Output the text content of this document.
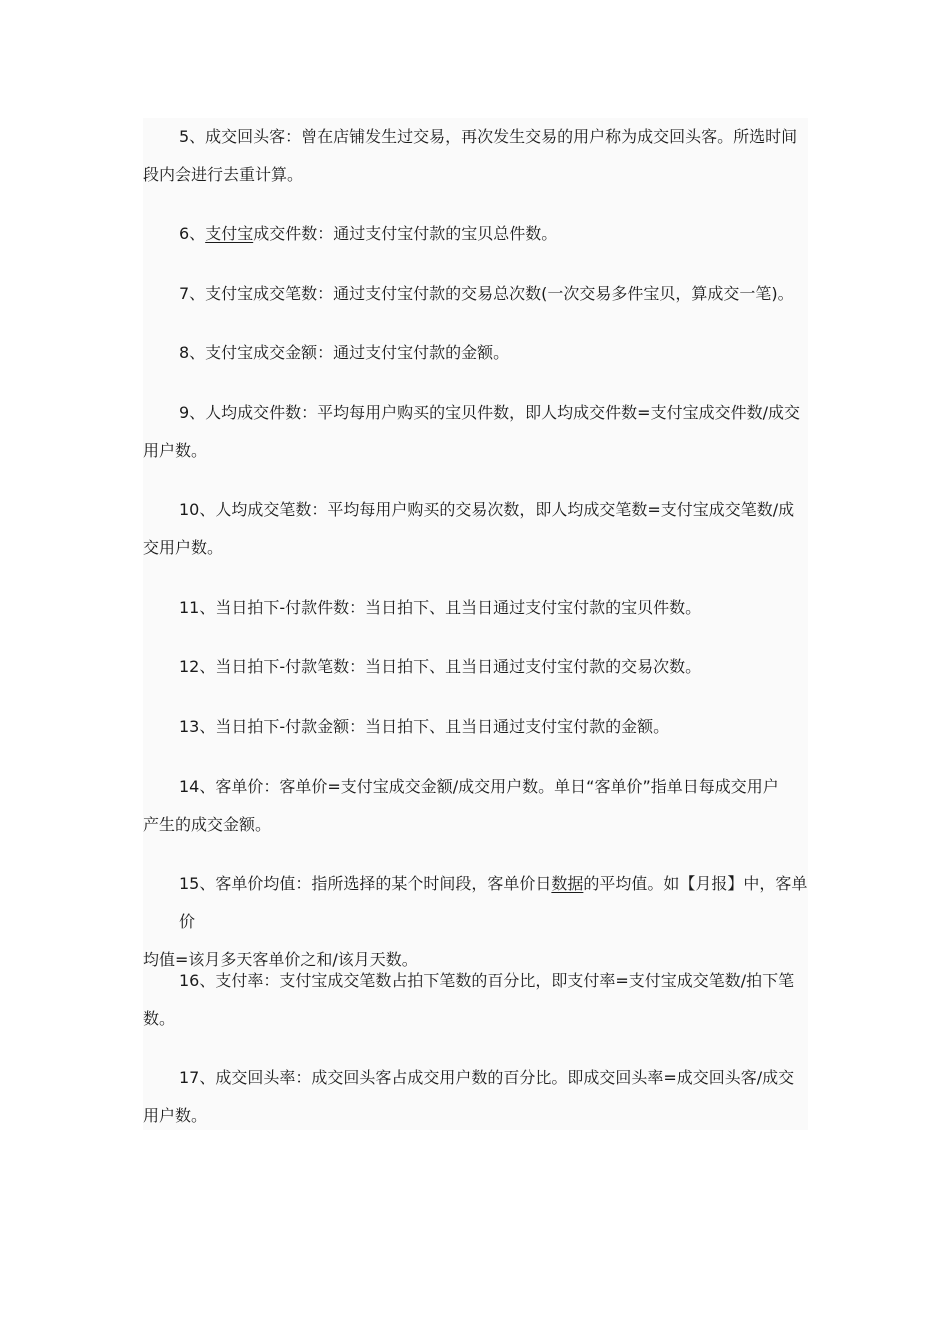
5、成交回头客：曾在店铺发生过交易，再次发生交易的用户称为成交回头客。所选时间
段内会进行去重计算。
6、支付宝成交件数：通过支付宝付款的宝贝总件数。
7、支付宝成交笔数：通过支付宝付款的交易总次数(一次交易多件宝贝，算成交一笔)。
8、支付宝成交金额：通过支付宝付款的金额。
9、人均成交件数：平均每用户购买的宝贝件数，即人均成交件数=支付宝成交件数/成交
用户数。
10、人均成交笔数：平均每用户购买的交易次数，即人均成交笔数=支付宝成交笔数/成
交用户数。
11、当日拍下-付款件数：当日拍下、且当日通过支付宝付款的宝贝件数。
12、当日拍下-付款笔数：当日拍下、且当日通过支付宝付款的交易次数。
13、当日拍下-付款金额：当日拍下、且当日通过支付宝付款的金额。
14、客单价：客单价=支付宝成交金额/成交用户数。单日“客单价”指单日每成交用户
产生的成交金额。
15、客单价均值：指所选择的某个时间段，客单价日数据的平均值。如【月报】中，客单价
均值=该月多天客单价之和/该月天数。
16、支付率：支付宝成交笔数占拍下笔数的百分比，即支付率=支付宝成交笔数/拍下笔
数。
17、成交回头率：成交回头客占成交用户数的百分比。即成交回头率=成交回头客/成交
用户数。
